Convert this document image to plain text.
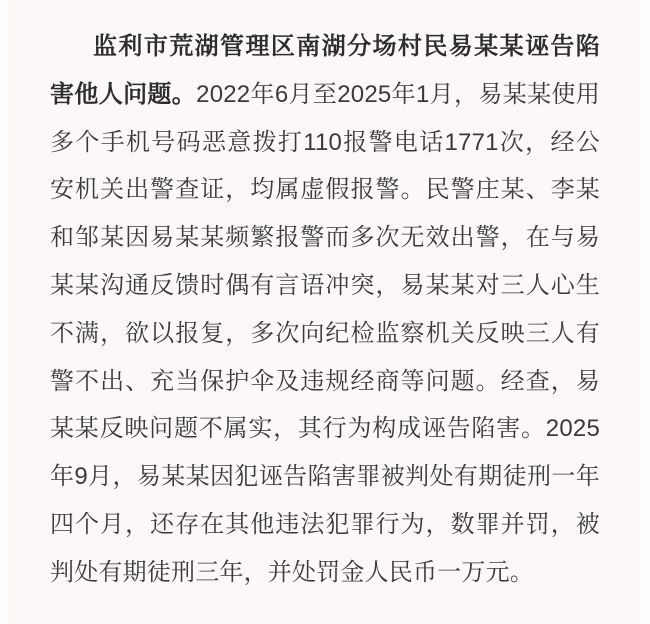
监利市荒湖管理区南湖分场村民易某某诬告陷害他人问题。2022年6月至2025年1月，易某某使用多个手机号码恶意拨打110报警电话1771次，经公安机关出警查证，均属虚假报警。民警庄某、李某和邹某因易某某频繁报警而多次无效出警，在与易某某沟通反馈时偶有言语冲突，易某某对三人心生不满，欲以报复，多次向纪检监察机关反映三人有警不出、充当保护伞及违规经商等问题。经查，易某某反映问题不属实，其行为构成诬告陷害。2025年9月，易某某因犯诬告陷害罪被判处有期徒刑一年四个月，还存在其他违法犯罪行为，数罪并罚，被判处有期徒刑三年，并处罚金人民币一万元。
